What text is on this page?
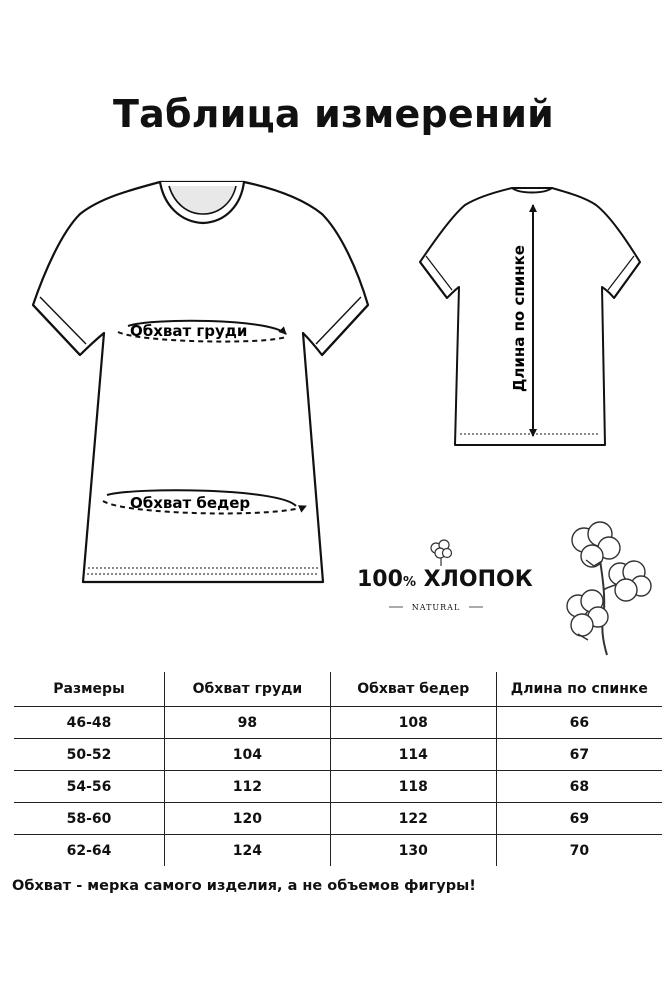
Таблица измерений
Обхват груди
Обхват бедер
Длина по спинке
100% ХЛОПОК
NATURAL
Размеры	Обхват груди	Обхват бедер	Длина по спинке
46-48	98	108	66
50-52	104	114	67
54-56	112	118	68
58-60	120	122	69
62-64	124	130	70
Обхват - мерка самого изделия, а не объемов фигуры!
